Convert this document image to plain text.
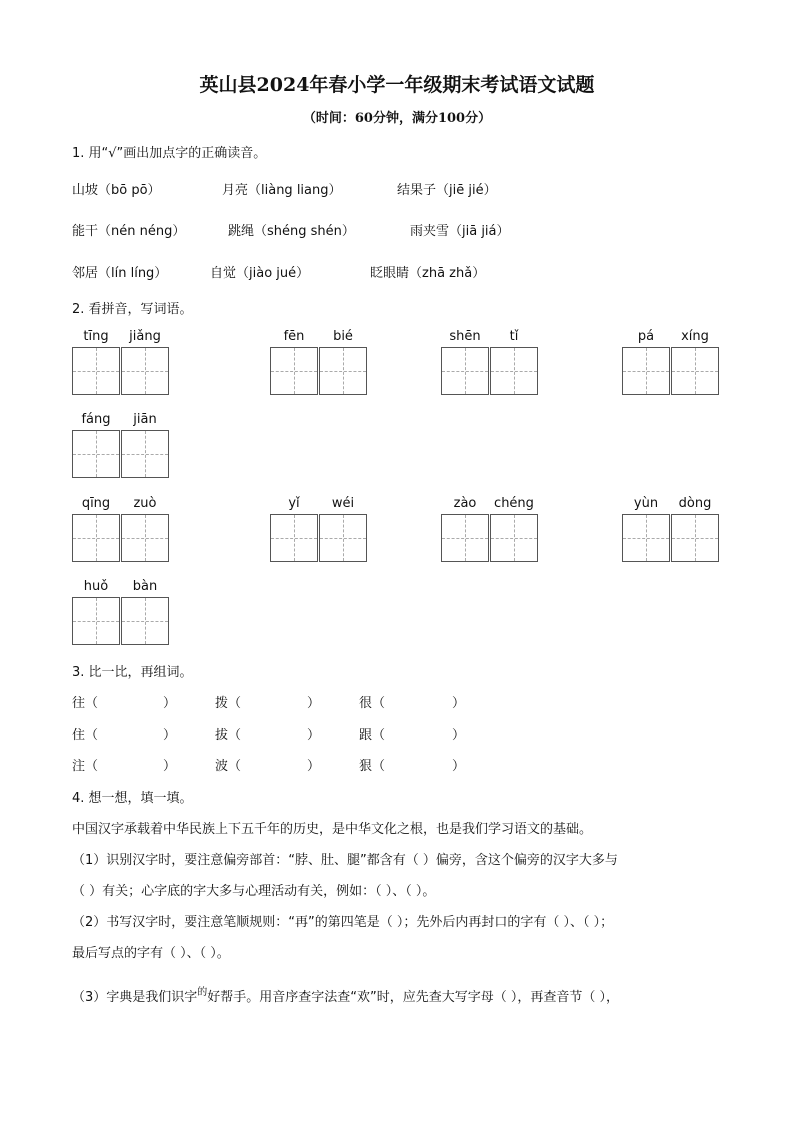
英山县2024年春小学一年级期末考试语文试题
（时间：60分钟，满分100分）
1. 用“√”画出加点字的正确读音。
山坡（bō pō）	月亮（liàng liang）	结果子（jiē jié）
能干（nén néng）	跳绳（shéng shén）	雨夹雪（jiā jiá）
邻居（lín líng）	自觉（jiào jué）	眨眼睛（zhā zhǎ）
2. 看拼音，写词语。
tīng	jiǎng	fēn	bié	shēn	tǐ	pá	xíng
fáng	jiān
qīng	zuò	yǐ	wéi	zào	chéng	yùn	dòng
huǒ	bàn
3. 比一比，再组词。
往（	）	拨（	）	很（	）
住（	）	拔（	）	跟（	）
注（	）	波（	）	狠（	）
4. 想一想，填一填。
中国汉字承载着中华民族上下五千年的历史，是中华文化之根，也是我们学习语文的基础。
（1）识别汉字时，要注意偏旁部首：“脖、肚、腿”都含有（ ）偏旁，含这个偏旁的汉字大多与
（ ）有关；心字底的字大多与心理活动有关，例如：（ ）、（ ）。
（2）书写汉字时，要注意笔顺规则：“再”的第四笔是（ ）；先外后内再封口的字有（ ）、（ ）；
最后写点的字有（ ）、（ ）。
（3）字典是我们识字$^的$好帮手。用音序查字法查“欢”时，应先查大写字母（ ），再查音节（ ），
